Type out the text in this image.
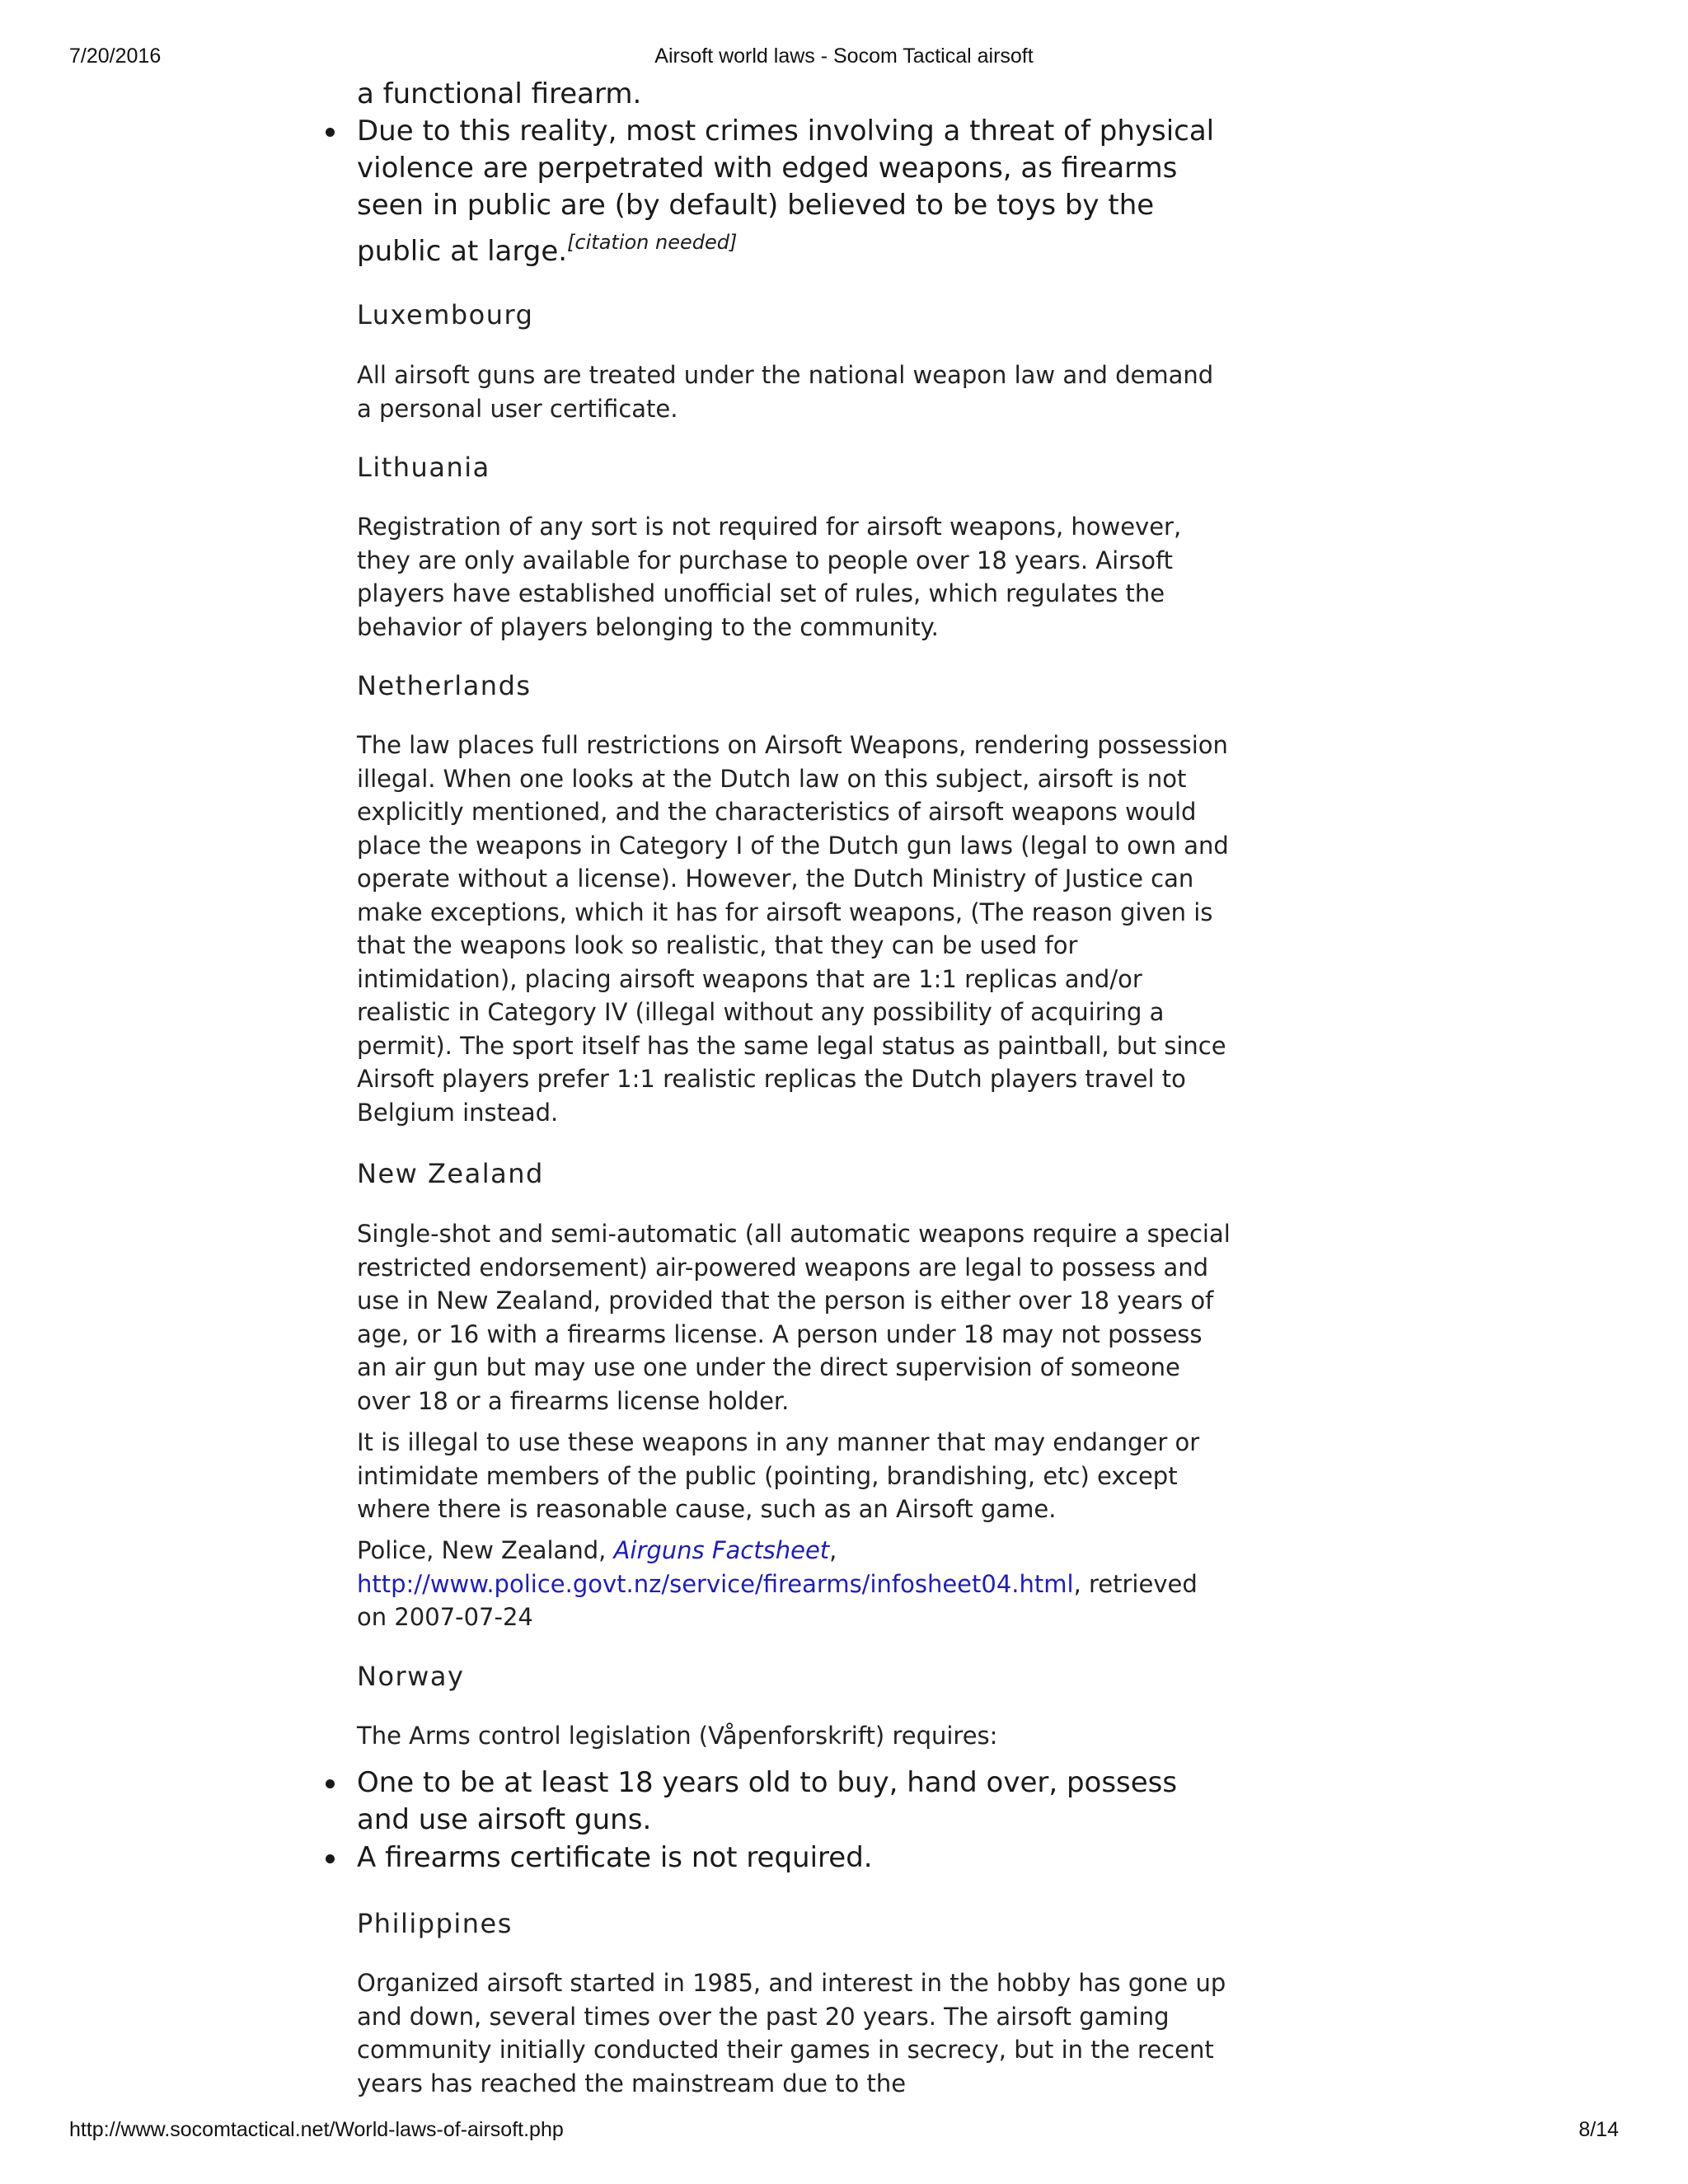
7/20/2016	Airsoft world laws - Socom Tactical airsoft
a functional firearm.
Due to this reality, most crimes involving a threat of physical violence are perpetrated with edged weapons, as firearms seen in public are (by default) believed to be toys by the public at large.[citation needed]
Luxembourg
All airsoft guns are treated under the national weapon law and demand a personal user certificate.
Lithuania
Registration of any sort is not required for airsoft weapons, however, they are only available for purchase to people over 18 years. Airsoft players have established unofficial set of rules, which regulates the behavior of players belonging to the community.
Netherlands
The law places full restrictions on Airsoft Weapons, rendering possession illegal. When one looks at the Dutch law on this subject, airsoft is not explicitly mentioned, and the characteristics of airsoft weapons would place the weapons in Category I of the Dutch gun laws (legal to own and operate without a license). However, the Dutch Ministry of Justice can make exceptions, which it has for airsoft weapons, (The reason given is that the weapons look so realistic, that they can be used for intimidation), placing airsoft weapons that are 1:1 replicas and/or realistic in Category IV (illegal without any possibility of acquiring a permit). The sport itself has the same legal status as paintball, but since Airsoft players prefer 1:1 realistic replicas the Dutch players travel to Belgium instead.
New Zealand
Single-shot and semi-automatic (all automatic weapons require a special restricted endorsement) air-powered weapons are legal to possess and use in New Zealand, provided that the person is either over 18 years of age, or 16 with a firearms license. A person under 18 may not possess an air gun but may use one under the direct supervision of someone over 18 or a firearms license holder.
It is illegal to use these weapons in any manner that may endanger or intimidate members of the public (pointing, brandishing, etc) except where there is reasonable cause, such as an Airsoft game.
Police, New Zealand, Airguns Factsheet,
http://www.police.govt.nz/service/firearms/infosheet04.html, retrieved on 2007-07-24
Norway
The Arms control legislation (Våpenforskrift) requires:
One to be at least 18 years old to buy, hand over, possess and use airsoft guns.
A firearms certificate is not required.
Philippines
Organized airsoft started in 1985, and interest in the hobby has gone up and down, several times over the past 20 years. The airsoft gaming community initially conducted their games in secrecy, but in the recent years has reached the mainstream due to the
http://www.socomtactical.net/World-laws-of-airsoft.php	8/14
